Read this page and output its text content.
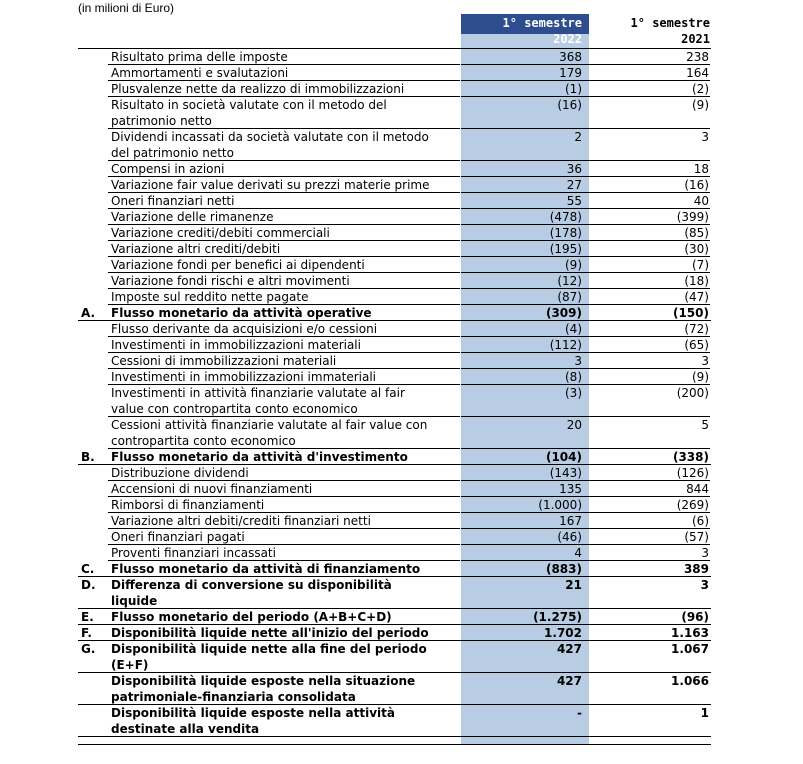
(in milioni di Euro)
1° semestre
2022
1° semestre
2021
Risultato prima delle imposte	368	238
Ammortamenti e svalutazioni	179	164
Plusvalenze nette da realizzo di immobilizzazioni	(1)	(2)
Risultato in società valutate con il metodo del
patrimonio netto
(16)	(9)
Dividendi incassati da società valutate con il metodo
del patrimonio netto
2	3
Compensi in azioni	36	18
Variazione fair value derivati su prezzi materie prime	27	(16)
Oneri finanziari netti	55	40
Variazione delle rimanenze	(478)	(399)
Variazione crediti/debiti commerciali	(178)	(85)
Variazione altri crediti/debiti	(195)	(30)
Variazione fondi per benefici ai dipendenti	(9)	(7)
Variazione fondi rischi e altri movimenti	(12)	(18)
Imposte sul reddito nette pagate	(87)	(47)
A. Flusso monetario da attività operative	(309)	(150)
Flusso derivante da acquisizioni e/o cessioni	(4)	(72)
Investimenti in immobilizzazioni materiali	(112)	(65)
Cessioni di immobilizzazioni materiali	3	3
Investimenti in immobilizzazioni immateriali	(8)	(9)
Investimenti in attività finanziarie valutate al fair
value con contropartita conto economico
(3)	(200)
Cessioni attività finanziarie valutate al fair value con
contropartita conto economico
20	5
B. Flusso monetario da attività d'investimento	(104)	(338)
Distribuzione dividendi	(143)	(126)
Accensioni di nuovi finanziamenti	135	844
Rimborsi di finanziamenti	(1.000)	(269)
Variazione altri debiti/crediti finanziari netti	167	(6)
Oneri finanziari pagati	(46)	(57)
Proventi finanziari incassati	4	3
C. Flusso monetario da attività di finanziamento	(883)	389
D. Differenza di conversione su disponibilità
liquide
21	3
E. Flusso monetario del periodo (A+B+C+D)	(1.275)	(96)
F. Disponibilità liquide nette all'inizio del periodo	1.702	1.163
G. Disponibilità liquide nette alla fine del periodo
(E+F)
427	1.067
Disponibilità liquide esposte nella situazione
patrimoniale-finanziaria consolidata
427	1.066
Disponibilità liquide esposte nella attività
destinate alla vendita
-	1
